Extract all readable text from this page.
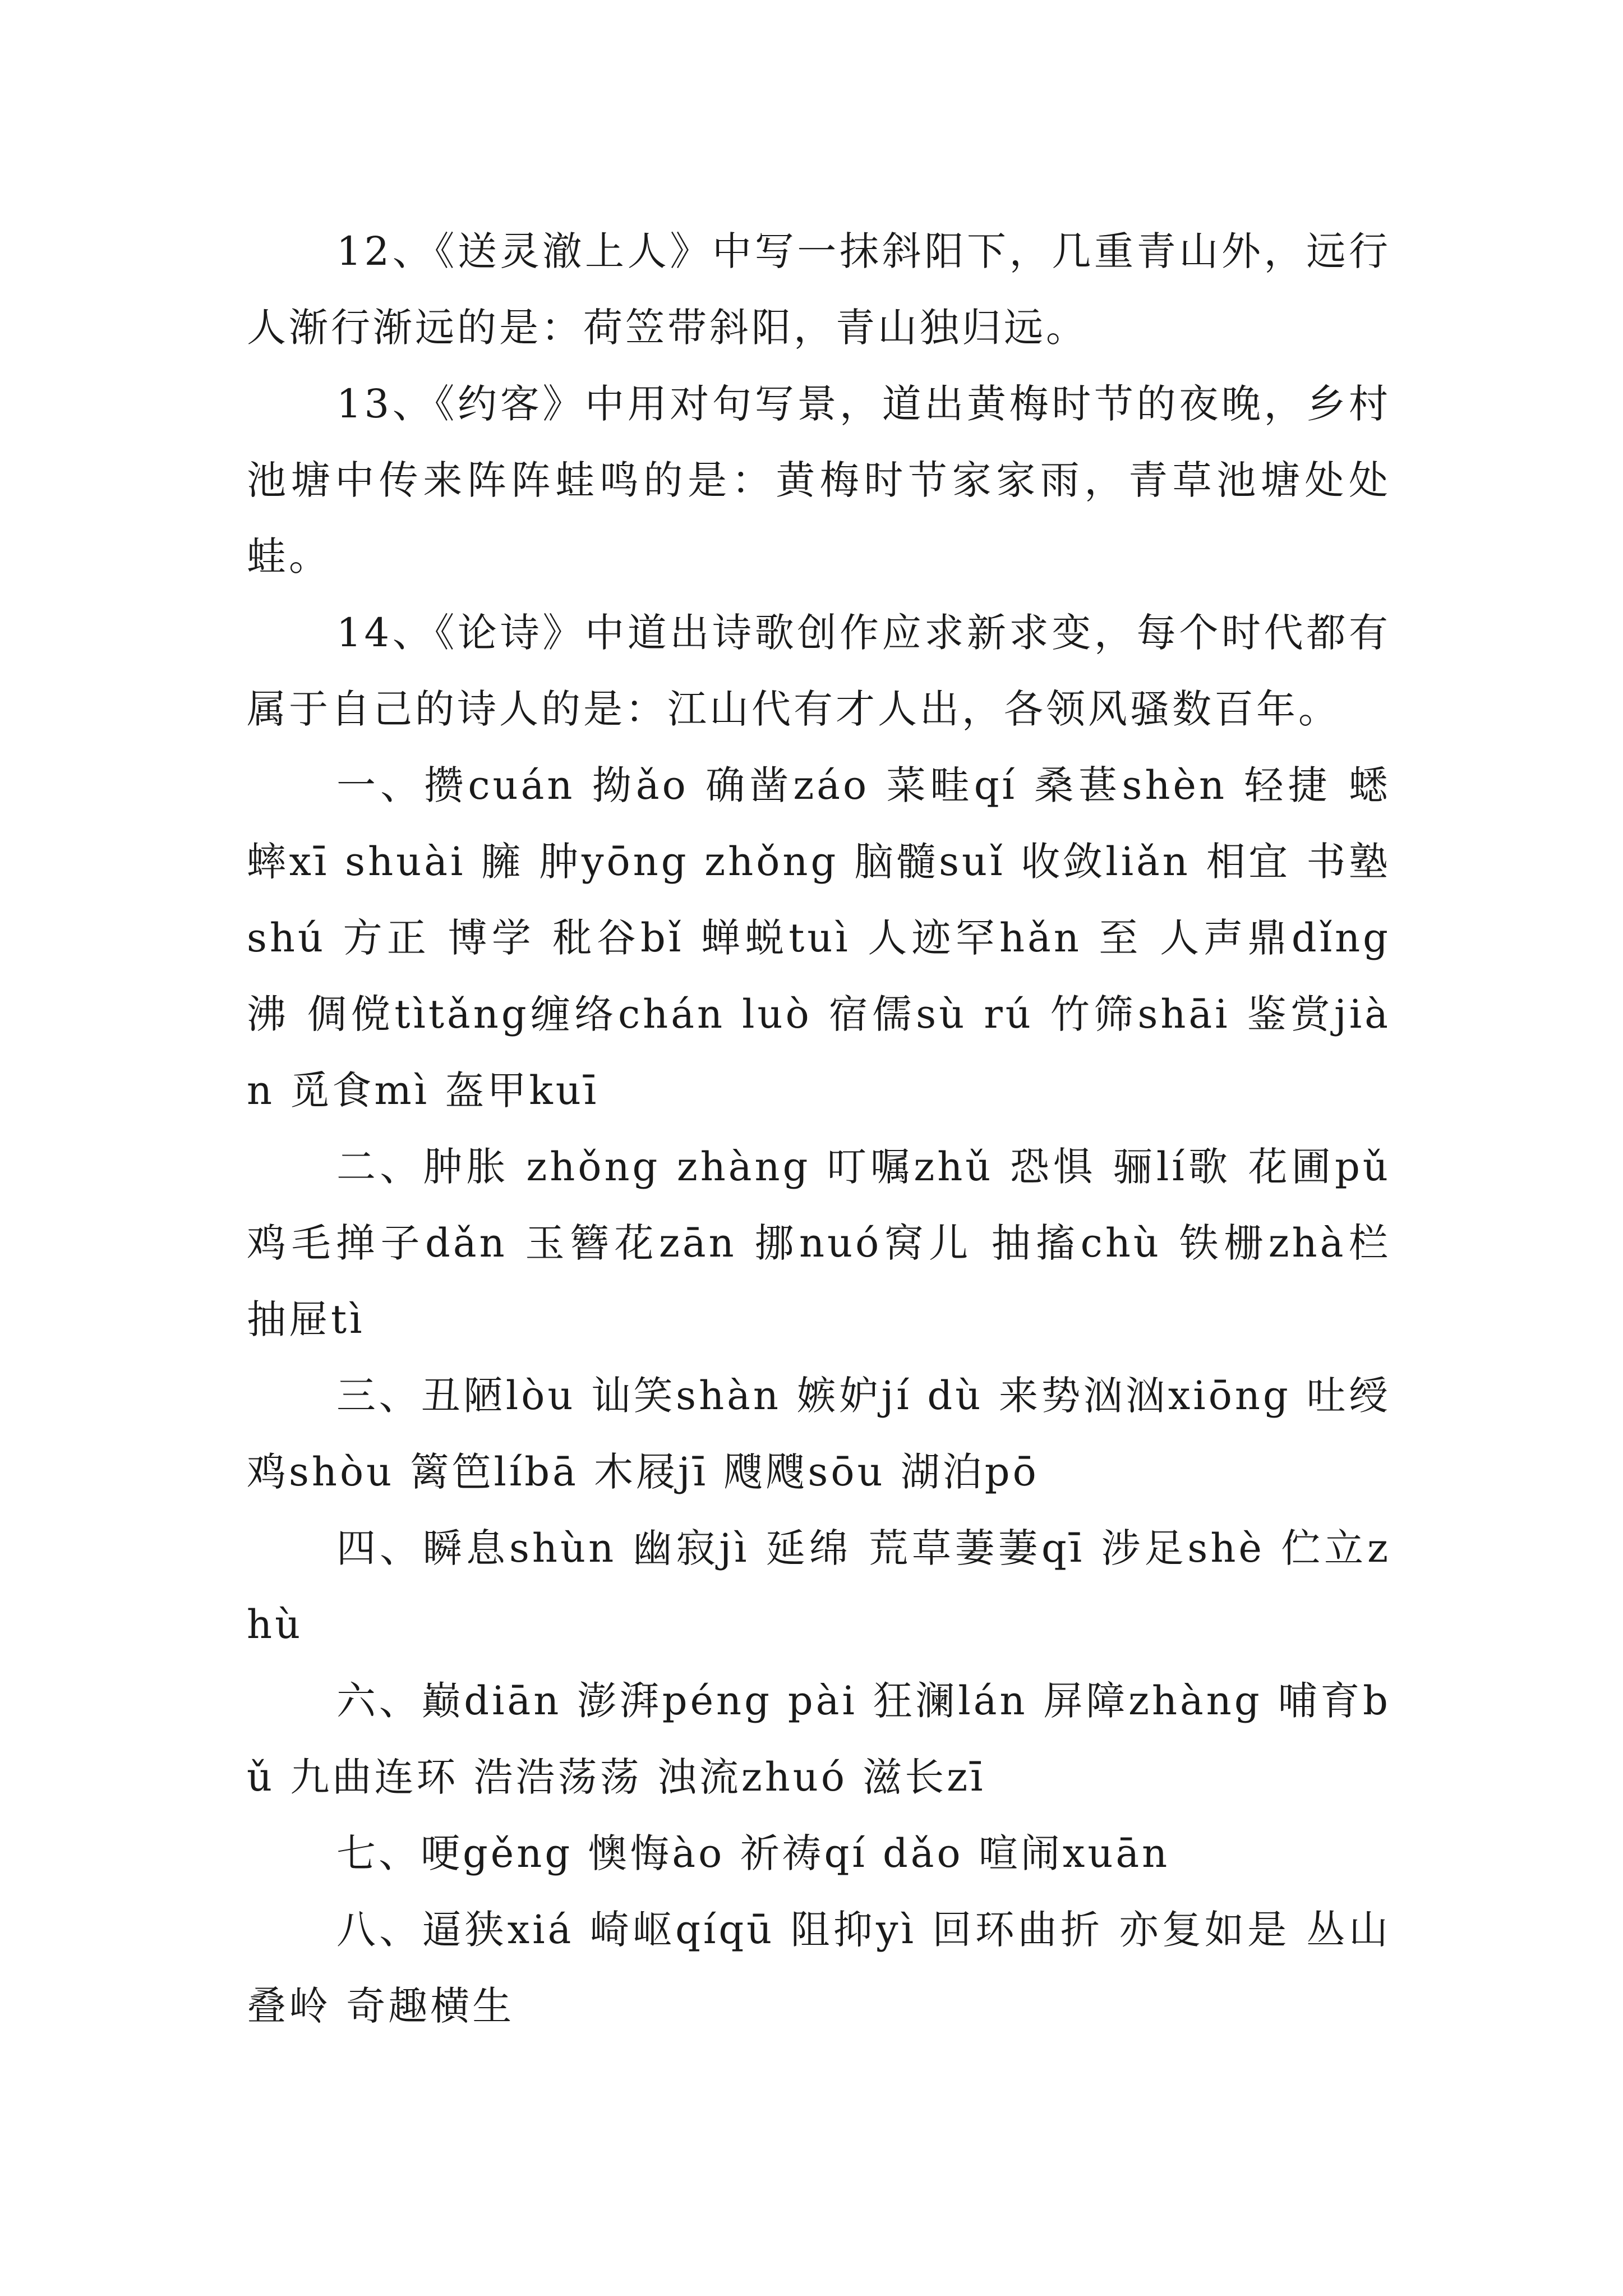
12、《送灵澈上人》中写一抹斜阳下，几重青山外，远行人渐行渐远的是：荷笠带斜阳，青山独归远。

13、《约客》中用对句写景，道出黄梅时节的夜晚，乡村池塘中传来阵阵蛙鸣的是：黄梅时节家家雨，青草池塘处处蛙。

14、《论诗》中道出诗歌创作应求新求变，每个时代都有属于自己的诗人的是：江山代有才人出，各领风骚数百年。

一、攒cuán 拗ǎo 确凿záo 菜畦qí 桑葚shèn 轻捷 蟋蟀xī shuài 臃 肿yōng zhǒng 脑髓suǐ 收敛liǎn 相宜 书塾shú 方正 博学 秕谷bǐ 蝉蜕tuì 人迹罕hǎn 至 人声鼎dǐng沸 倜傥tìtǎng缠络chán luò 宿儒sù rú 竹筛shāi 鉴赏jiàn 觅食mì 盔甲kuī

二、肿胀 zhǒng zhàng 叮嘱zhǔ 恐惧 骊lí歌 花圃pǔ 鸡毛掸子dǎn 玉簪花zān 挪nuó窝儿 抽搐chù 铁栅zhà栏 抽屉tì

三、丑陋lòu 讪笑shàn 嫉妒jí dù 来势汹汹xiōng 吐绶鸡shòu 篱笆líbā 木屐jī 飕飕sōu 湖泊pō

四、瞬息shùn 幽寂jì 延绵 荒草萋萋qī 涉足shè 伫立zhù

六、巅diān 澎湃péng pài 狂澜lán 屏障zhàng 哺育bǔ 九曲连环 浩浩荡荡 浊流zhuó 滋长zī

七、哽gěng 懊悔ào 祈祷qí dǎo 喧闹xuān

八、逼狭xiá 崎岖qíqū 阻抑yì 回环曲折 亦复如是 丛山叠岭 奇趣横生
